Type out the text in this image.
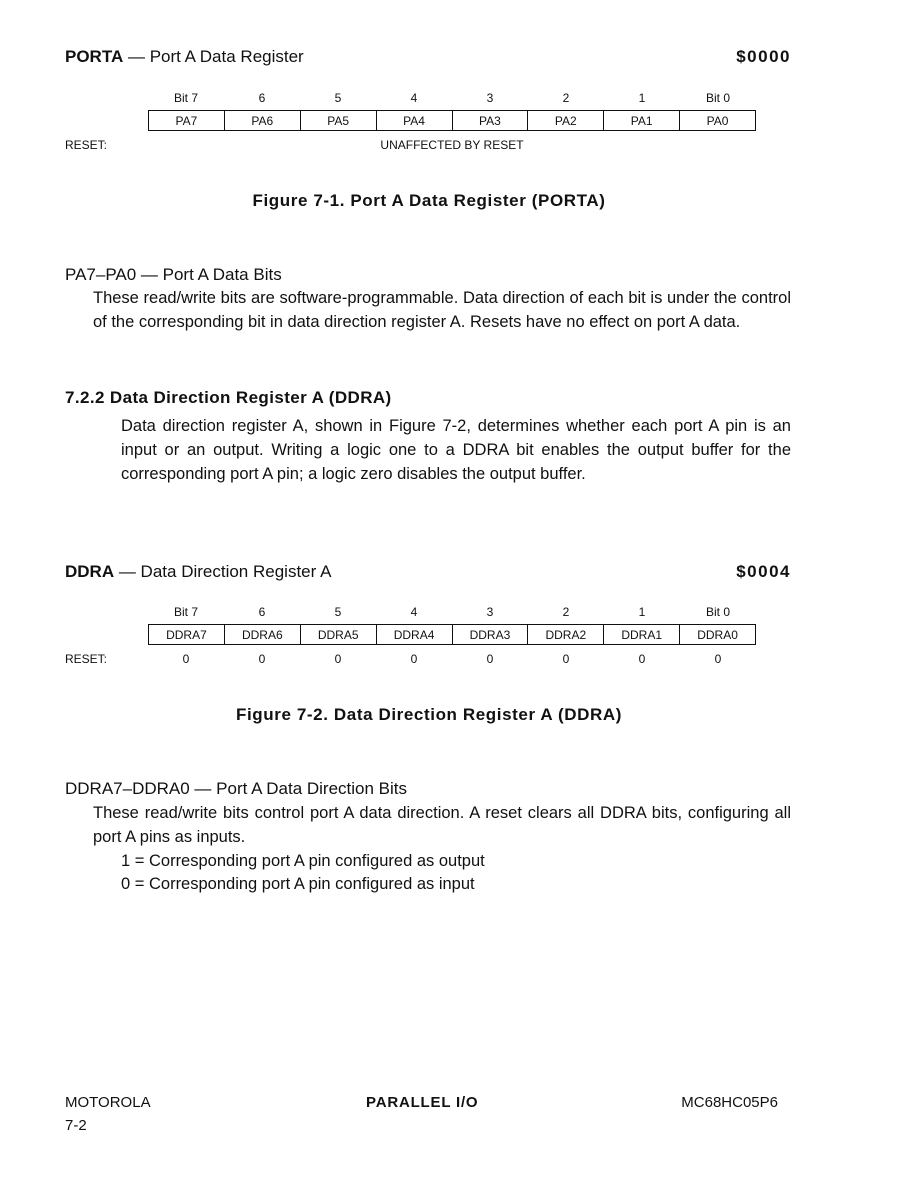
PORTA — Port A Data Register	$0000
Bit 7	6	5	4	3	2	1	Bit 0
PA7	PA6	PA5	PA4	PA3	PA2	PA1	PA0
RESET:	UNAFFECTED BY RESET
Figure 7-1. Port A Data Register (PORTA)
PA7–PA0 — Port A Data Bits
These read/write bits are software-programmable. Data direction of each bit is under the control of the corresponding bit in data direction register A. Resets have no effect on port A data.
7.2.2 Data Direction Register A (DDRA)
Data direction register A, shown in Figure 7-2, determines whether each port A pin is an input or an output. Writing a logic one to a DDRA bit enables the output buffer for the corresponding port A pin; a logic zero disables the output buffer.
DDRA — Data Direction Register A	$0004
Bit 7	6	5	4	3	2	1	Bit 0
DDRA7	DDRA6	DDRA5	DDRA4	DDRA3	DDRA2	DDRA1	DDRA0
RESET:	0	0	0	0	0	0	0	0
Figure 7-2. Data Direction Register A (DDRA)
DDRA7–DDRA0 — Port A Data Direction Bits
These read/write bits control port A data direction. A reset clears all DDRA bits, configuring all port A pins as inputs.
1 = Corresponding port A pin configured as output
0 = Corresponding port A pin configured as input
MOTOROLA
7-2
PARALLEL I/O	MC68HC05P6
